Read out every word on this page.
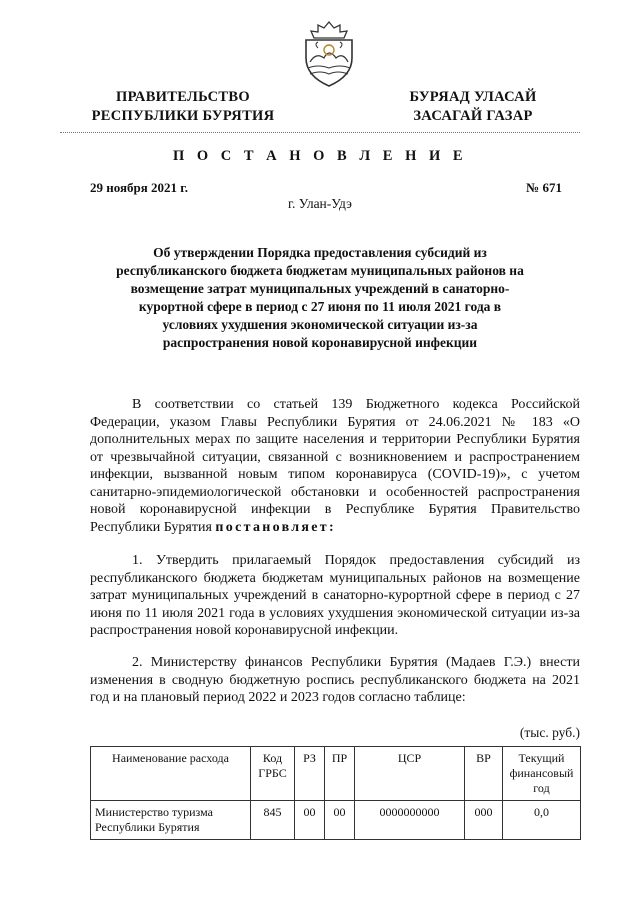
ПРАВИТЕЛЬСТВО
РЕСПУБЛИКИ БУРЯТИЯ
БУРЯАД УЛАСАЙ
ЗАСАГАЙ ГАЗАР
П О С Т А Н О В Л Е Н И Е
29 ноября 2021 г.	№ 671
г. Улан-Удэ
Об утверждении Порядка предоставления субсидий из республиканского бюджета бюджетам муниципальных районов на возмещение затрат муниципальных учреждений в санаторно-курортной сфере в период с 27 июня по 11 июля 2021 года в условиях ухудшения экономической ситуации из-за распространения новой коронавирусной инфекции
В соответствии со статьей 139 Бюджетного кодекса Российской Федерации, указом Главы Республики Бурятия от 24.06.2021 № 183 «О дополнительных мерах по защите населения и территории Республики Бурятия от чрезвычайной ситуации, связанной с возникновением и распространением инфекции, вызванной новым типом коронавируса (COVID-19)», с учетом санитарно-эпидемиологической обстановки и особенностей распространения новой коронавирусной инфекции в Республике Бурятия Правительство Республики Бурятия постановляет:
1. Утвердить прилагаемый Порядок предоставления субсидий из республиканского бюджета бюджетам муниципальных районов на возмещение затрат муниципальных учреждений в санаторно-курортной сфере в период с 27 июня по 11 июля 2021 года в условиях ухудшения экономической ситуации из-за распространения новой коронавирусной инфекции.
2. Министерству финансов Республики Бурятия (Мадаев Г.Э.) внести изменения в сводную бюджетную роспись республиканского бюджета на 2021 год и на плановый период 2022 и 2023 годов согласно таблице:
(тыс. руб.)
Наименование расхода	Код ГРБС	РЗ	ПР	ЦСР	ВР	Текущий финансовый год
Министерство туризма Республики Бурятия	845	00	00	0000000000	000	0,0
